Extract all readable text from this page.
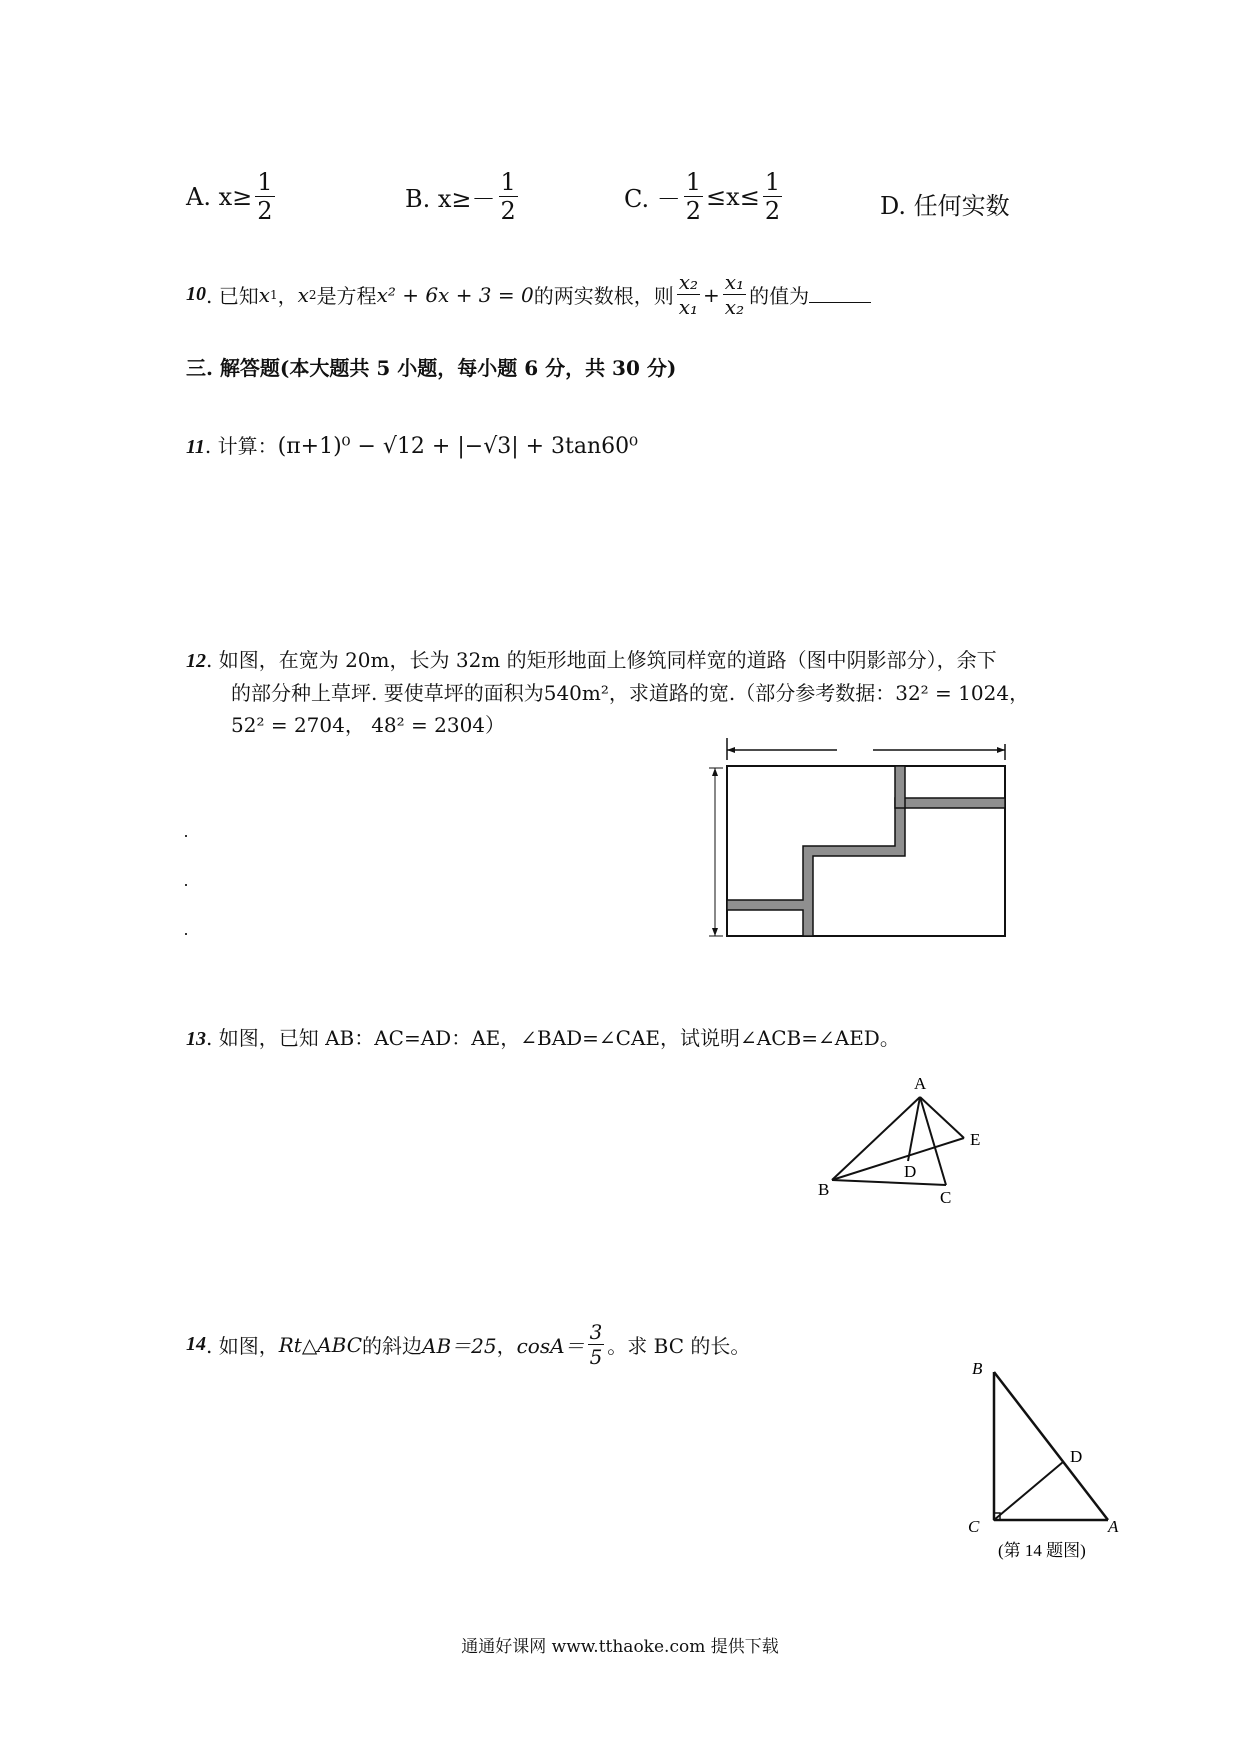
A. $x\ge \frac{1}{2}$	B. $x\ge- \frac{1}{2}$	C. － $\frac{1}{2} \le x\le \frac{1}{2}$	D. 任何实数
10 . 已知 x 1 ， x 2 是方程 x² + 6x + 3 = 0 的两实数根，则 $\frac{\text{x₂}}{\text{x₁}} + \frac{\text{x₁}}{\text{x₂}}$ 的值为
三. 解答题(本大题共 5 小题，每小题 6 分，共 30 分)
11. 计算：(π+1)⁰ − √12 + |−√3| + 3tan60⁰
12. 如图，在宽为 20m，长为 32m 的矩形地面上修筑同样宽的道路（图中阴影部分），余下
的部分种上草坪. 要使草坪的面积为540m²，求道路的宽.（部分参考数据：32² = 1024，
52² = 2704， 48² = 2304）
13. 如图，已知 AB：AC=AD：AE，∠BAD=∠CAE，试说明∠ACB=∠AED。
A
B	C
D
E
14 . 如图， Rt△ABC 的斜边 AB＝25 ， $\cos A= \frac{3}{5}$ 。求 BC 的长。
B
C	A
D
(第 14 题图)
通通好课网 www.tthaoke.com 提供下载
